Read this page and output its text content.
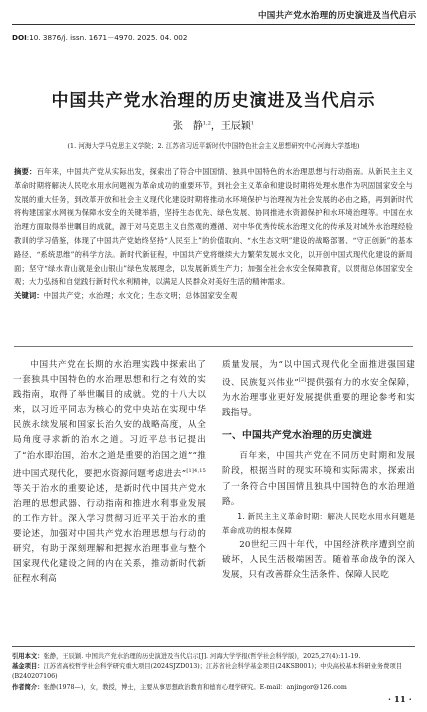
中国共产党水治理的历史演进及当代启示
DOI:10. 3876/j. issn. 1671－4970. 2025. 04. 002
中国共产党水治理的历史演进及当代启示
张　静$^{1,2}$，王辰颖$^1$
(1. 河海大学马克思主义学院；2. 江苏省习近平新时代中国特色社会主义思想研究中心河海大学基地)
摘要：百年来，中国共产党从实际出发，探索出了符合中国国情、独具中国特色的水治理思想与行动指南。从新民主主义革命时期将解决人民吃水用水问题视为革命成功的重要环节，到社会主义革命和建设时期将处理水患作为巩固国家安全与发展的重大任务，到改革开放和社会主义现代化建设时期将推动水环境保护与治理视为社会发展的必由之路，再到新时代将构建国家水网视为保障水安全的关键举措，坚持生态优先、绿色发展、协同推进水资源保护和水环境治理等。中国在水治理方面取得举世瞩目的成就，源于对马克思主义自然观的遵循、对中华优秀传统水治理文化的传承及对域外水治理经验教训的学习借鉴，体现了中国共产党始终坚持“人民至上”的价值取向、“水生态文明”建设的战略部署、“守正创新”的基本路径、“系统思维”的科学方法。新时代新征程，中国共产党将继续大力繁荣发展水文化，以开创中国式现代化建设的新局面；坚守“绿水青山就是金山银山”绿色发展理念，以发展新质生产力；加强全社会水安全保障教育，以贯彻总体国家安全观；大力弘扬和自觉践行新时代水利精神，以满足人民群众对美好生活的精神需求。
关键词：中国共产党；水治理；水文化；生态文明；总体国家安全观

中国共产党在长期的水治理实践中探索出了一套独具中国特色的水治理思想和行之有效的实践指南，取得了举世瞩目的成就。党的十八大以来，以习近平同志为核心的党中央站在实现中华民族永续发展和国家长治久安的战略高度，从全局角度寻求新的治水之道。习近平总书记提出了“治水即治国，治水之道是重要的治国之道”“推进中国式现代化，要把水资源问题考虑进去”$^{[1]4,15}$等关于治水的重要论述，是新时代中国共产党水治理的思想武器、行动指南和推进水利事业发展的工作方针。深入学习贯彻习近平关于治水的重要论述，加强对中国共产党水治理思想与行动的研究，有助于深刻理解和把握水治理事业与整个国家现代化建设之间的内在关系，推动新时代新征程水利高

质量发展，为“以中国式现代化全面推进强国建设、民族复兴伟业”[2]提供强有力的水安全保障，为水治理事业更好发展提供重要的理论参考和实践指导。

一、中国共产党水治理的历史演进

百年来，中国共产党在不同历史时期和发展阶段，根据当时的现实环境和实际需求，探索出了一条符合中国国情且独具中国特色的水治理道路。

1. 新民主主义革命时期：解决人民吃水用水问题是革命成功的根本保障

20世纪三四十年代，中国经济秩序遭到空前破坏，人民生活极端困苦。随着革命战争的深入发展，只有改善群众生活条件、保障人民吃

引用本文：张静，王辰颖. 中国共产党水治理的历史演进及当代启示[J]. 河海大学学报(哲学社会科学版)，2025,27(4):11-19.
基金项目：江苏省高校哲学社会科学研究重大项目(2024SJZD013)；江苏省社会科学基金项目(24KSB001)；中央高校基本科研业务费项目(B240207106)
作者简介：张静(1978—)，女，教授，博士，主要从事思想政治教育和德育心理学研究。E-mail：anjingor@126.com
· 11 ·
